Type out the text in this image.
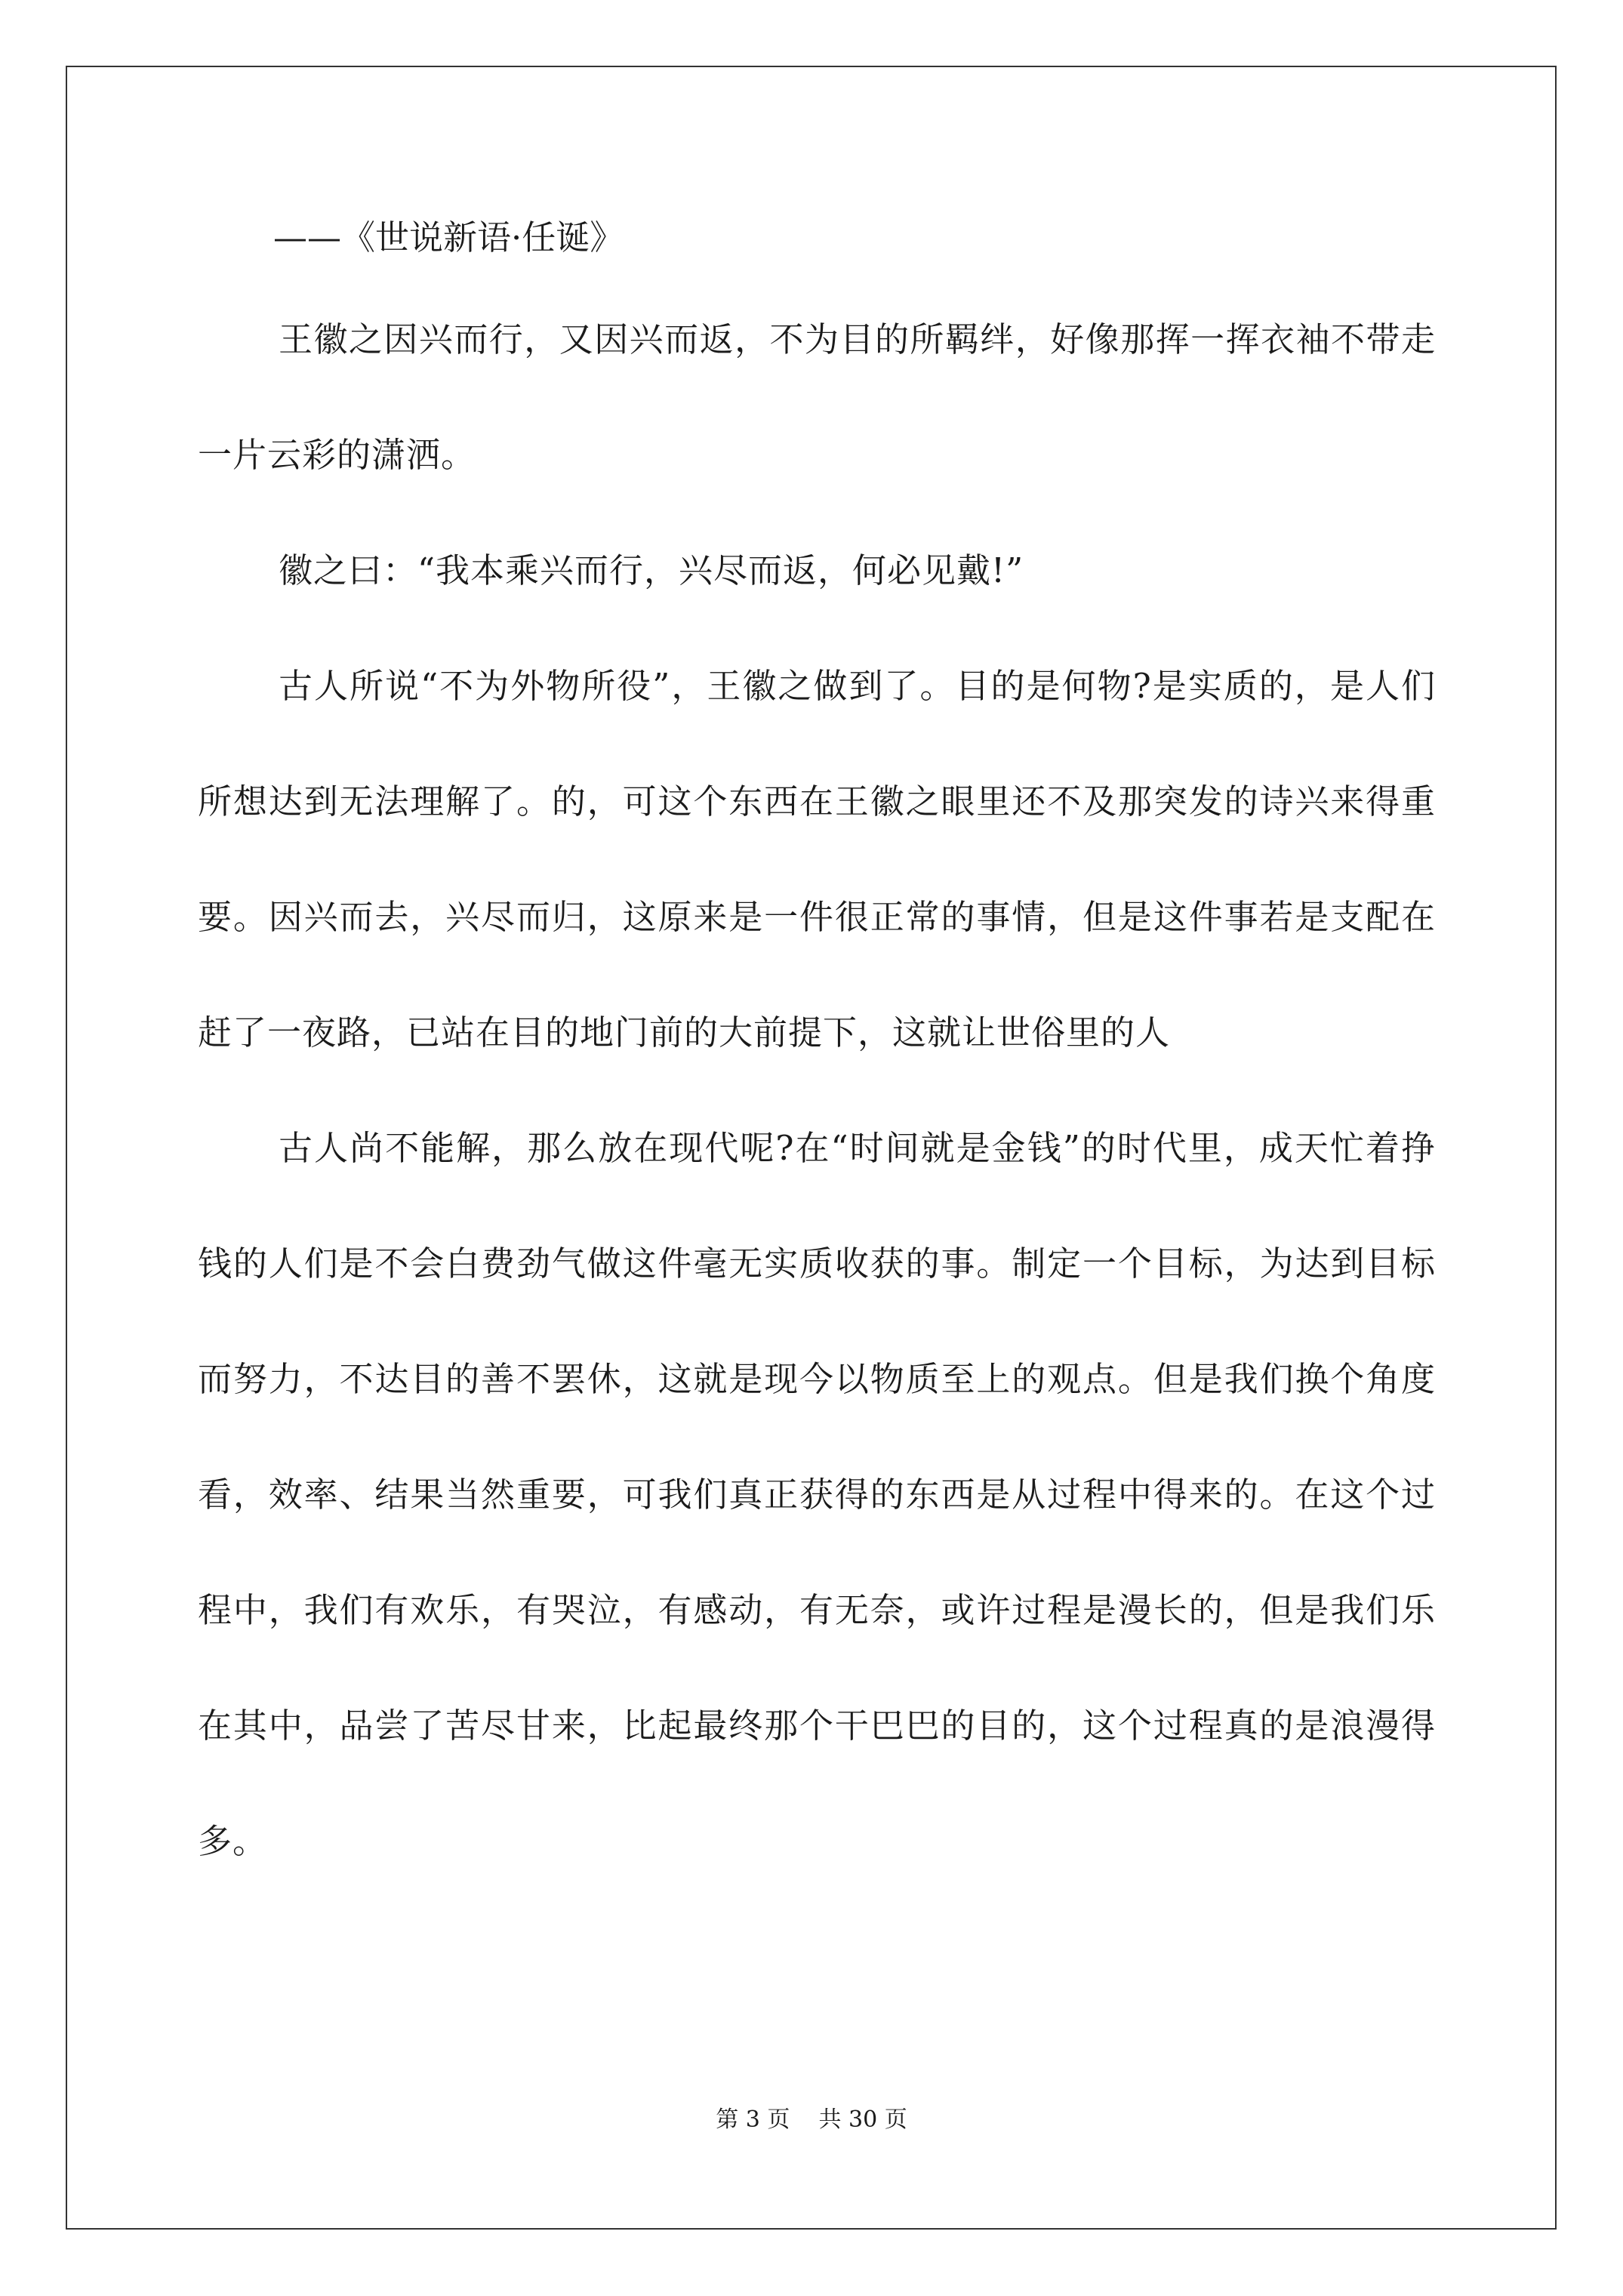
——《世说新语·任诞》

王徽之因兴而行，又因兴而返，不为目的所羁绊，好像那挥一挥衣袖不带走一片云彩的潇洒。

徽之曰：“我本乘兴而行，兴尽而返，何必见戴!”

古人所说“不为外物所役”，王徽之做到了。目的是何物?是实质的，是人们所想达到无法理解了。的，可这个东西在王徽之眼里还不及那突发的诗兴来得重要。因兴而去，兴尽而归，这原来是一件很正常的事情，但是这件事若是支配在赶了一夜路，已站在目的地门前的大前提下，这就让世俗里的人

古人尚不能解，那么放在现代呢?在“时间就是金钱”的时代里，成天忙着挣钱的人们是不会白费劲气做这件毫无实质收获的事。制定一个目标，为达到目标而努力，不达目的善不罢休，这就是现今以物质至上的观点。但是我们换个角度看，效率、结果当然重要，可我们真正获得的东西是从过程中得来的。在这个过程中，我们有欢乐，有哭泣，有感动，有无奈，或许过程是漫长的，但是我们乐在其中，品尝了苦尽甘来，比起最终那个干巴巴的目的，这个过程真的是浪漫得多。

第 3 页    共 30 页
